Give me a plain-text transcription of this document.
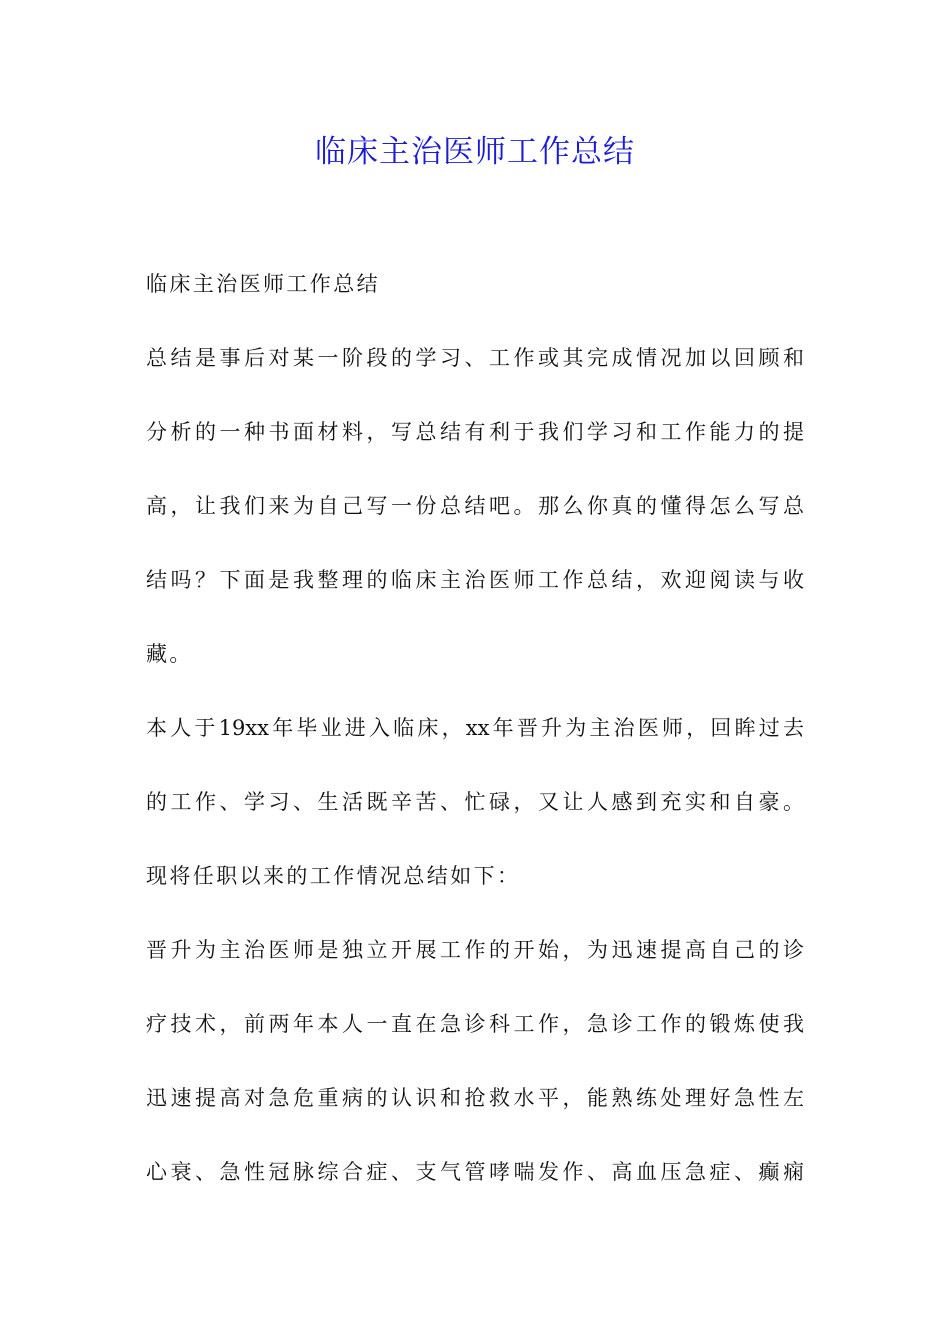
临床主治医师工作总结
临床主治医师工作总结
总结是事后对某一阶段的学习、工作或其完成情况加以回顾和
分析的一种书面材料，写总结有利于我们学习和工作能力的提
高，让我们来为自己写一份总结吧。那么你真的懂得怎么写总
结吗？下面是我整理的临床主治医师工作总结，欢迎阅读与收
藏。
本人于19xx年毕业进入临床，xx年晋升为主治医师，回眸过去
的工作、学习、生活既辛苦、忙碌，又让人感到充实和自豪。
现将任职以来的工作情况总结如下：
晋升为主治医师是独立开展工作的开始，为迅速提高自己的诊
疗技术，前两年本人一直在急诊科工作，急诊工作的锻炼使我
迅速提高对急危重病的认识和抢救水平，能熟练处理好急性左
心衰、急性冠脉综合症、支气管哮喘发作、高血压急症、癫痫
